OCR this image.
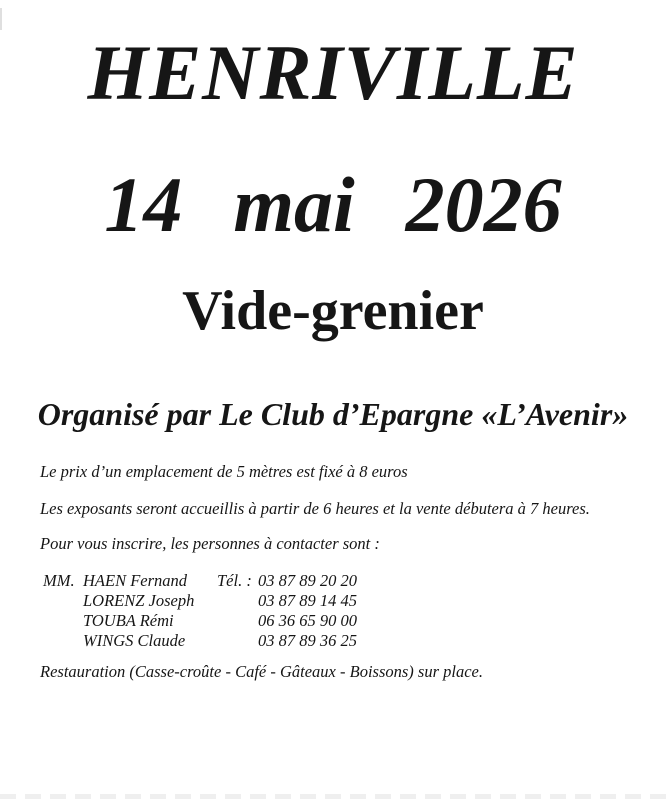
HENRIVILLE
14  mai  2026
Vide-grenier
Organisé par Le Club d’Epargne «L’Avenir»
Le prix d’un emplacement de 5 mètres est fixé à 8 euros
Les exposants seront accueillis à partir de 6 heures et la vente débutera à 7 heures.
Pour vous inscrire, les personnes à contacter sont :
MM. HAEN Fernand Tél. : 03 87 89 20 20
LORENZ Joseph	03 87 89 14 45
TOUBA Rémi	06 36 65 90 00
WINGS Claude	03 87 89 36 25
Restauration (Casse-croûte - Café - Gâteaux - Boissons) sur place.
